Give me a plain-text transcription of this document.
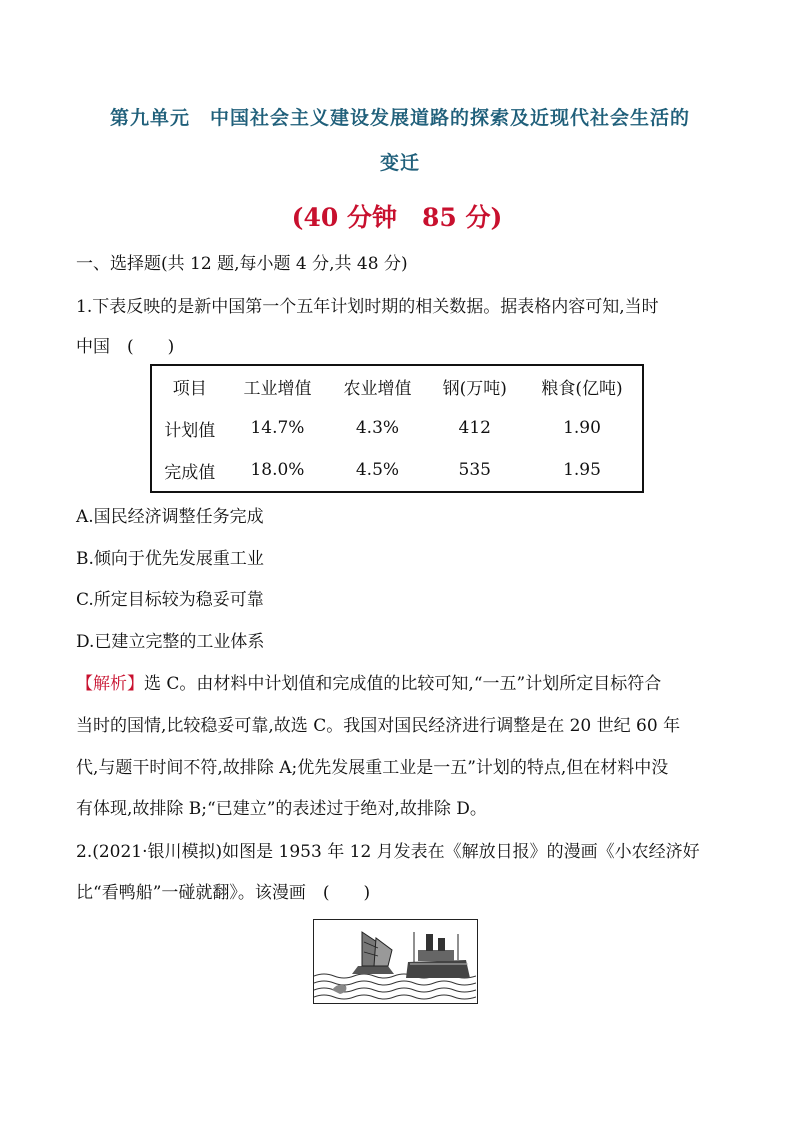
第九单元　中国社会主义建设发展道路的探索及近现代社会生活的
变迁
(40 分钟　85 分)
一、选择题(共 12 题,每小题 4 分,共 48 分)
1.下表反映的是新中国第一个五年计划时期的相关数据。据表格内容可知,当时
中国　(　　)
项目	工业增值	农业增值	钢(万吨)	粮食(亿吨)
计划值	14.7%	4.3%	412	1.90
完成值	18.0%	4.5%	535	1.95
A.国民经济调整任务完成
B.倾向于优先发展重工业
C.所定目标较为稳妥可靠
D.已建立完整的工业体系
【解析】选 C。由材料中计划值和完成值的比较可知,“一五”计划所定目标符合
当时的国情,比较稳妥可靠,故选 C。我国对国民经济进行调整是在 20 世纪 60 年
代,与题干时间不符,故排除 A;优先发展重工业是一五”计划的特点,但在材料中没
有体现,故排除 B;“已建立”的表述过于绝对,故排除 D。
2.(2021·银川模拟)如图是 1953 年 12 月发表在《解放日报》的漫画《小农经济好
比“看鸭船”一碰就翻》。该漫画　(　　)
